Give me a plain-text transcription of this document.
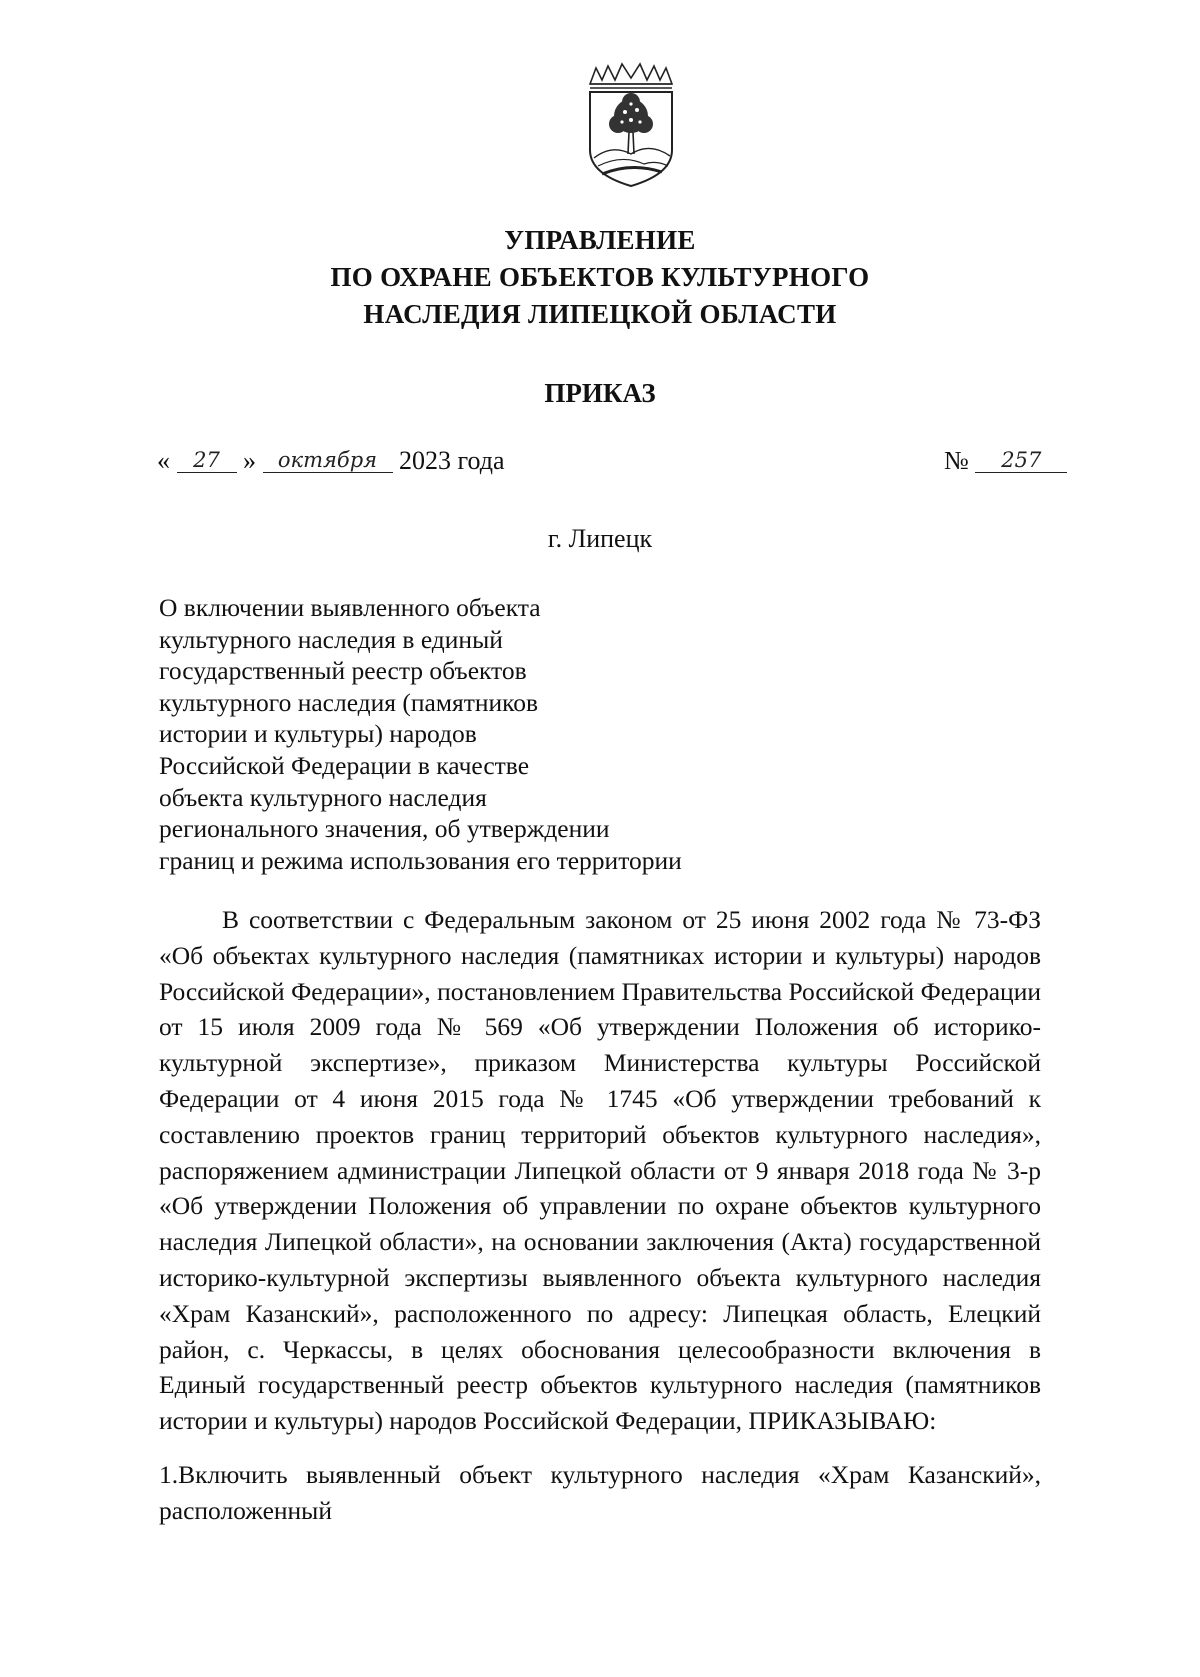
УПРАВЛЕНИЕ
ПО ОХРАНЕ ОБЪЕКТОВ КУЛЬТУРНОГО
НАСЛЕДИЯ ЛИПЕЦКОЙ ОБЛАСТИ
ПРИКАЗ
« 27 » октября 2023 года	№ 257
г. Липецк
О включении выявленного объекта
культурного наследия в единый
государственный реестр объектов
культурного наследия (памятников
истории и культуры) народов
Российской Федерации в качестве
объекта культурного наследия
регионального значения, об утверждении
границ и режима использования его территории
В соответствии с Федеральным законом от 25 июня 2002 года № 73-ФЗ «Об объектах культурного наследия (памятниках истории и культуры) народов Российской Федерации», постановлением Правительства Российской Федерации от 15 июля 2009 года № 569 «Об утверждении Положения об историко-культурной экспертизе», приказом Министерства культуры Российской Федерации от 4 июня 2015 года № 1745 «Об утверждении требований к составлению проектов границ территорий объектов культурного наследия», распоряжением администрации Липецкой области от 9 января 2018 года № 3-р «Об утверждении Положения об управлении по охране объектов культурного наследия Липецкой области», на основании заключения (Акта) государственной историко-культурной экспертизы выявленного объекта культурного наследия «Храм Казанский», расположенного по адресу: Липецкая область, Елецкий район, с. Черкассы, в целях обоснования целесообразности включения в Единый государственный реестр объектов культурного наследия (памятников истории и культуры) народов Российской Федерации, ПРИКАЗЫВАЮ:
1.Включить выявленный объект культурного наследия «Храм Казанский», расположенный
